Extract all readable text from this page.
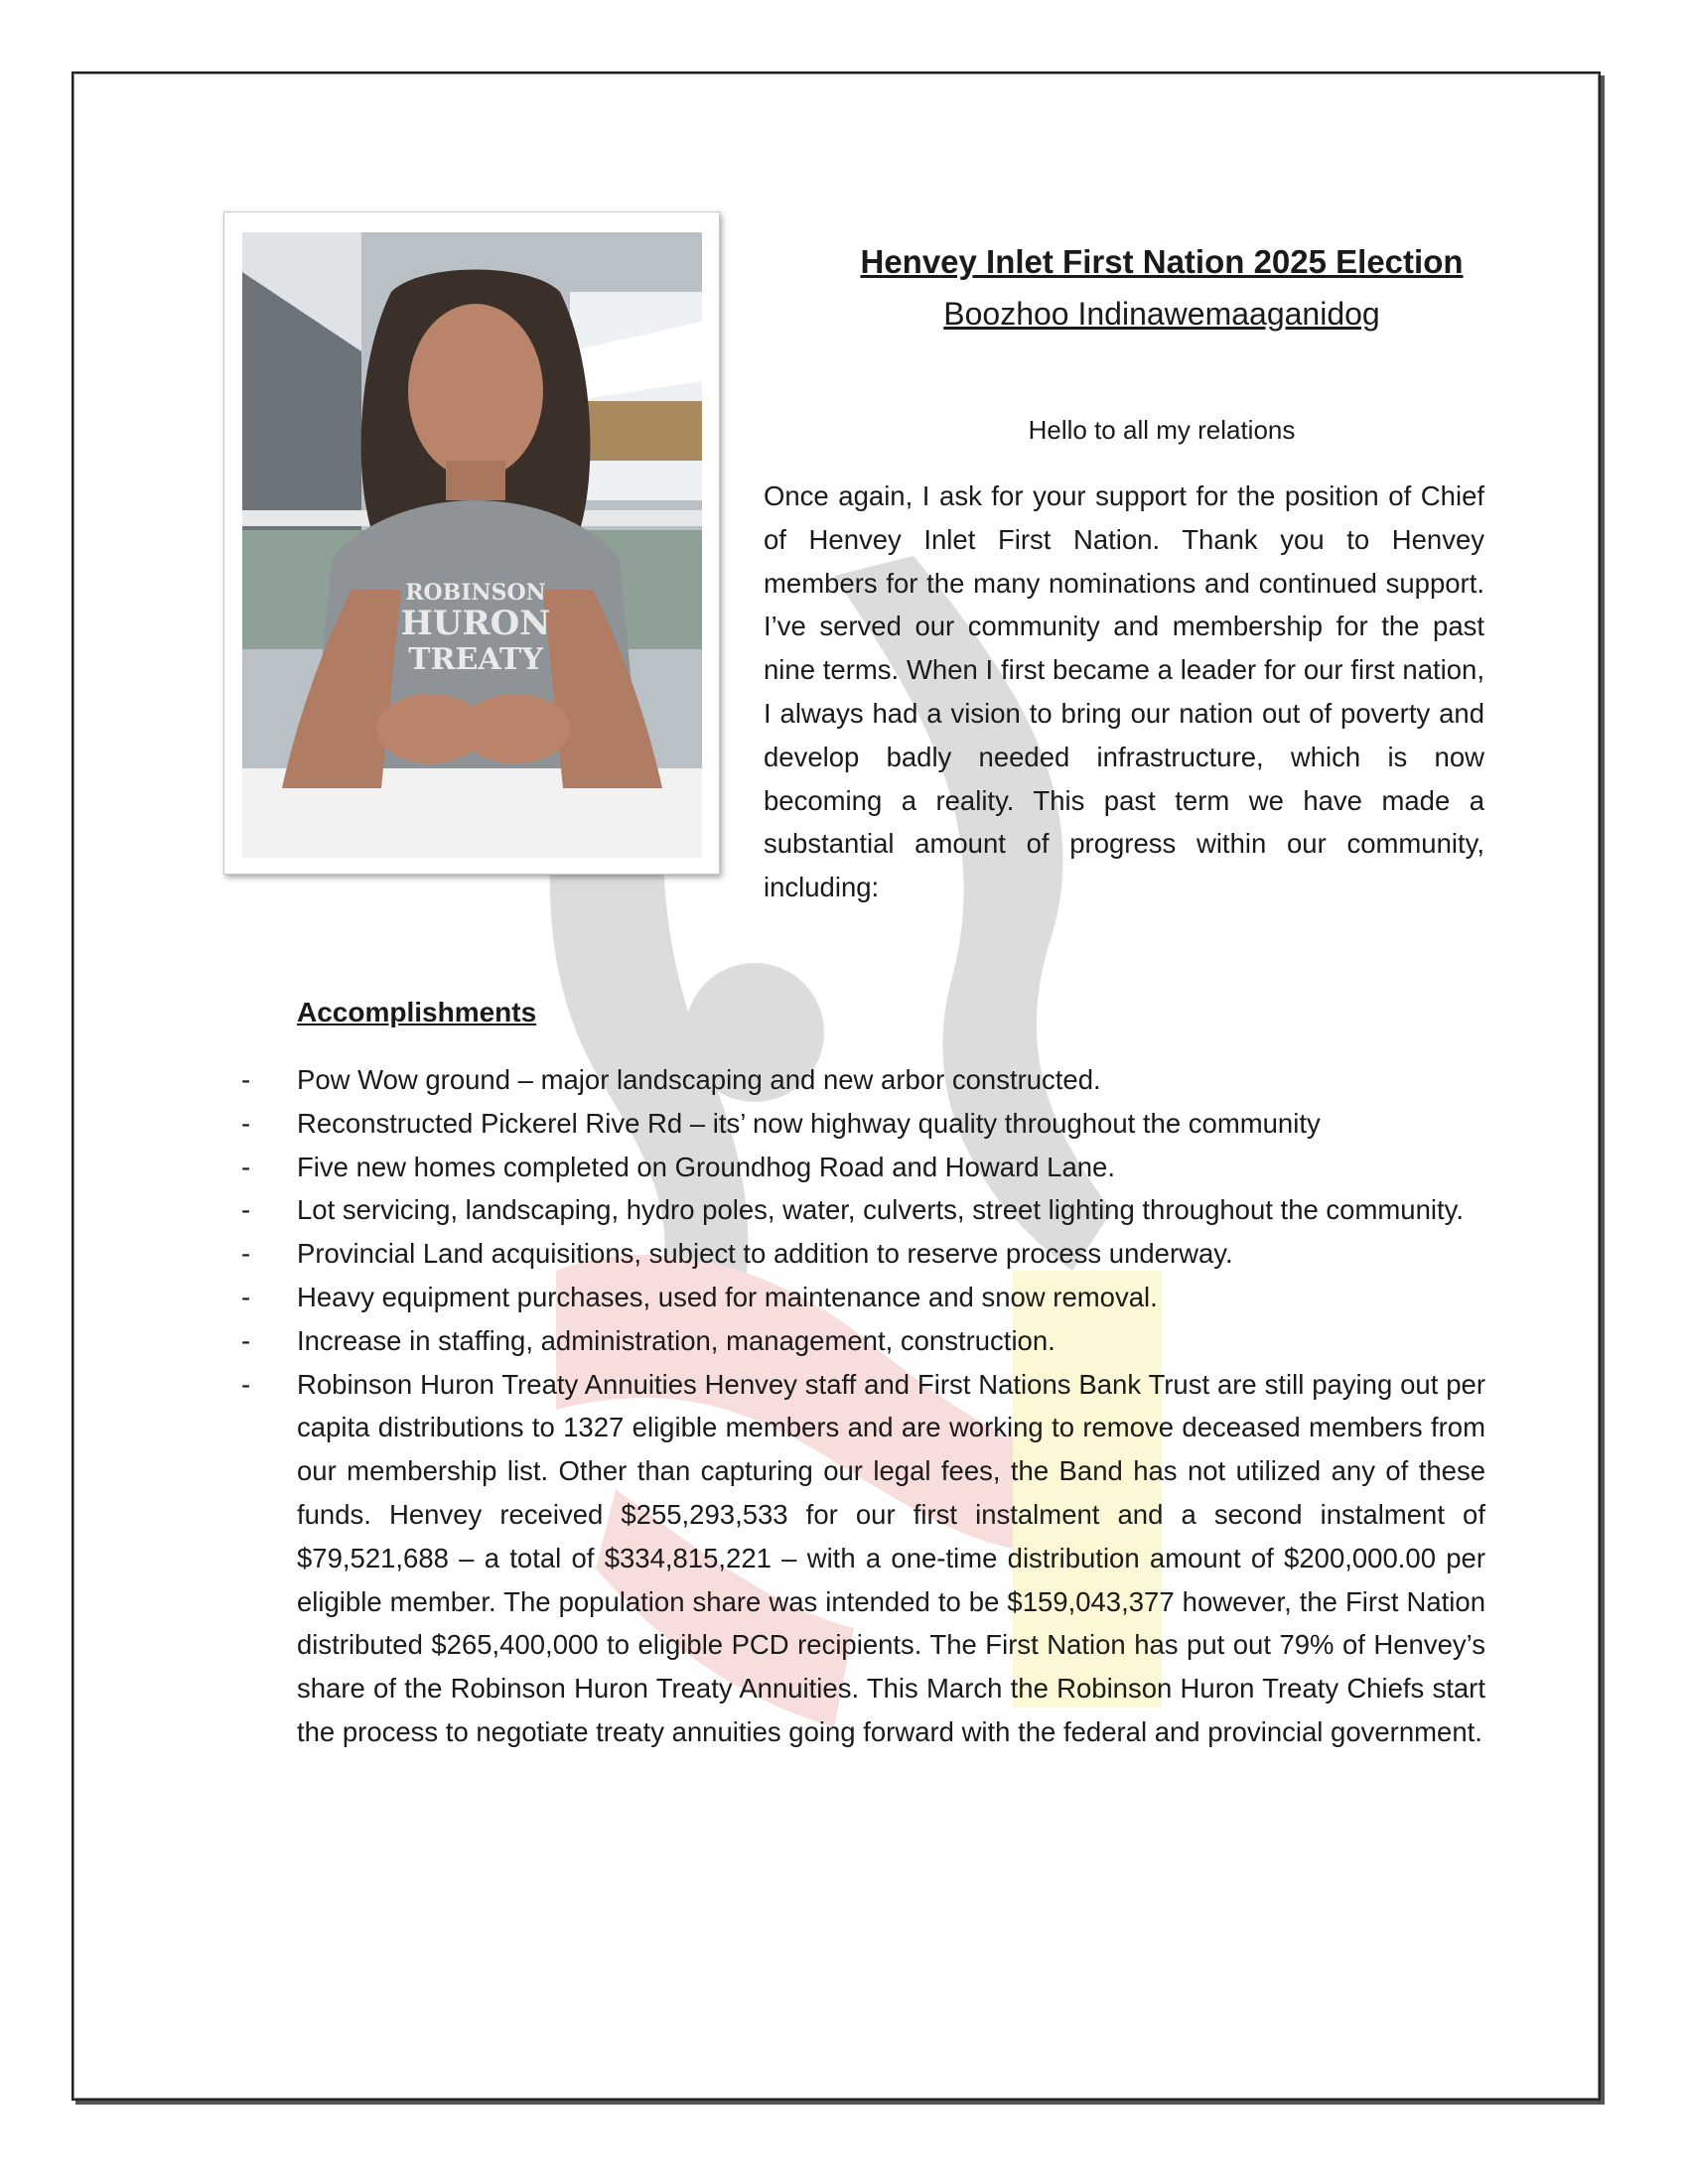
ROBINSON
HURON
TREATY
Henvey Inlet First Nation 2025 Election
Boozhoo Indinawemaaganidog
Hello to all my relations

Once again, I ask for your support for the position of Chief of Henvey Inlet First Nation. Thank you to Henvey members for the many nominations and continued support. I’ve served our community and membership for the past nine terms. When I first became a leader for our first nation, I always had a vision to bring our nation out of poverty and develop badly needed infrastructure, which is now becoming a reality. This past term we have made a substantial amount of progress within our community, including:

Accomplishments
- Pow Wow ground – major landscaping and new arbor constructed.
- Reconstructed Pickerel Rive Rd – its’ now highway quality throughout the community
- Five new homes completed on Groundhog Road and Howard Lane.
- Lot servicing, landscaping, hydro poles, water, culverts, street lighting throughout the community.
- Provincial Land acquisitions, subject to addition to reserve process underway.
- Heavy equipment purchases, used for maintenance and snow removal.
- Increase in staffing, administration, management, construction.
- Robinson Huron Treaty Annuities Henvey staff and First Nations Bank Trust are still paying out per capita distributions to 1327 eligible members and are working to remove deceased members from our membership list. Other than capturing our legal fees, the Band has not utilized any of these funds. Henvey received $255,293,533 for our first instalment and a second instalment of $79,521,688 – a total of $334,815,221 – with a one-time distribution amount of $200,000.00 per eligible member. The population share was intended to be $159,043,377 however, the First Nation distributed $265,400,000 to eligible PCD recipients. The First Nation has put out 79% of Henvey’s share of the Robinson Huron Treaty Annuities. This March the Robinson Huron Treaty Chiefs start the process to negotiate treaty annuities going forward with the federal and provincial government.
